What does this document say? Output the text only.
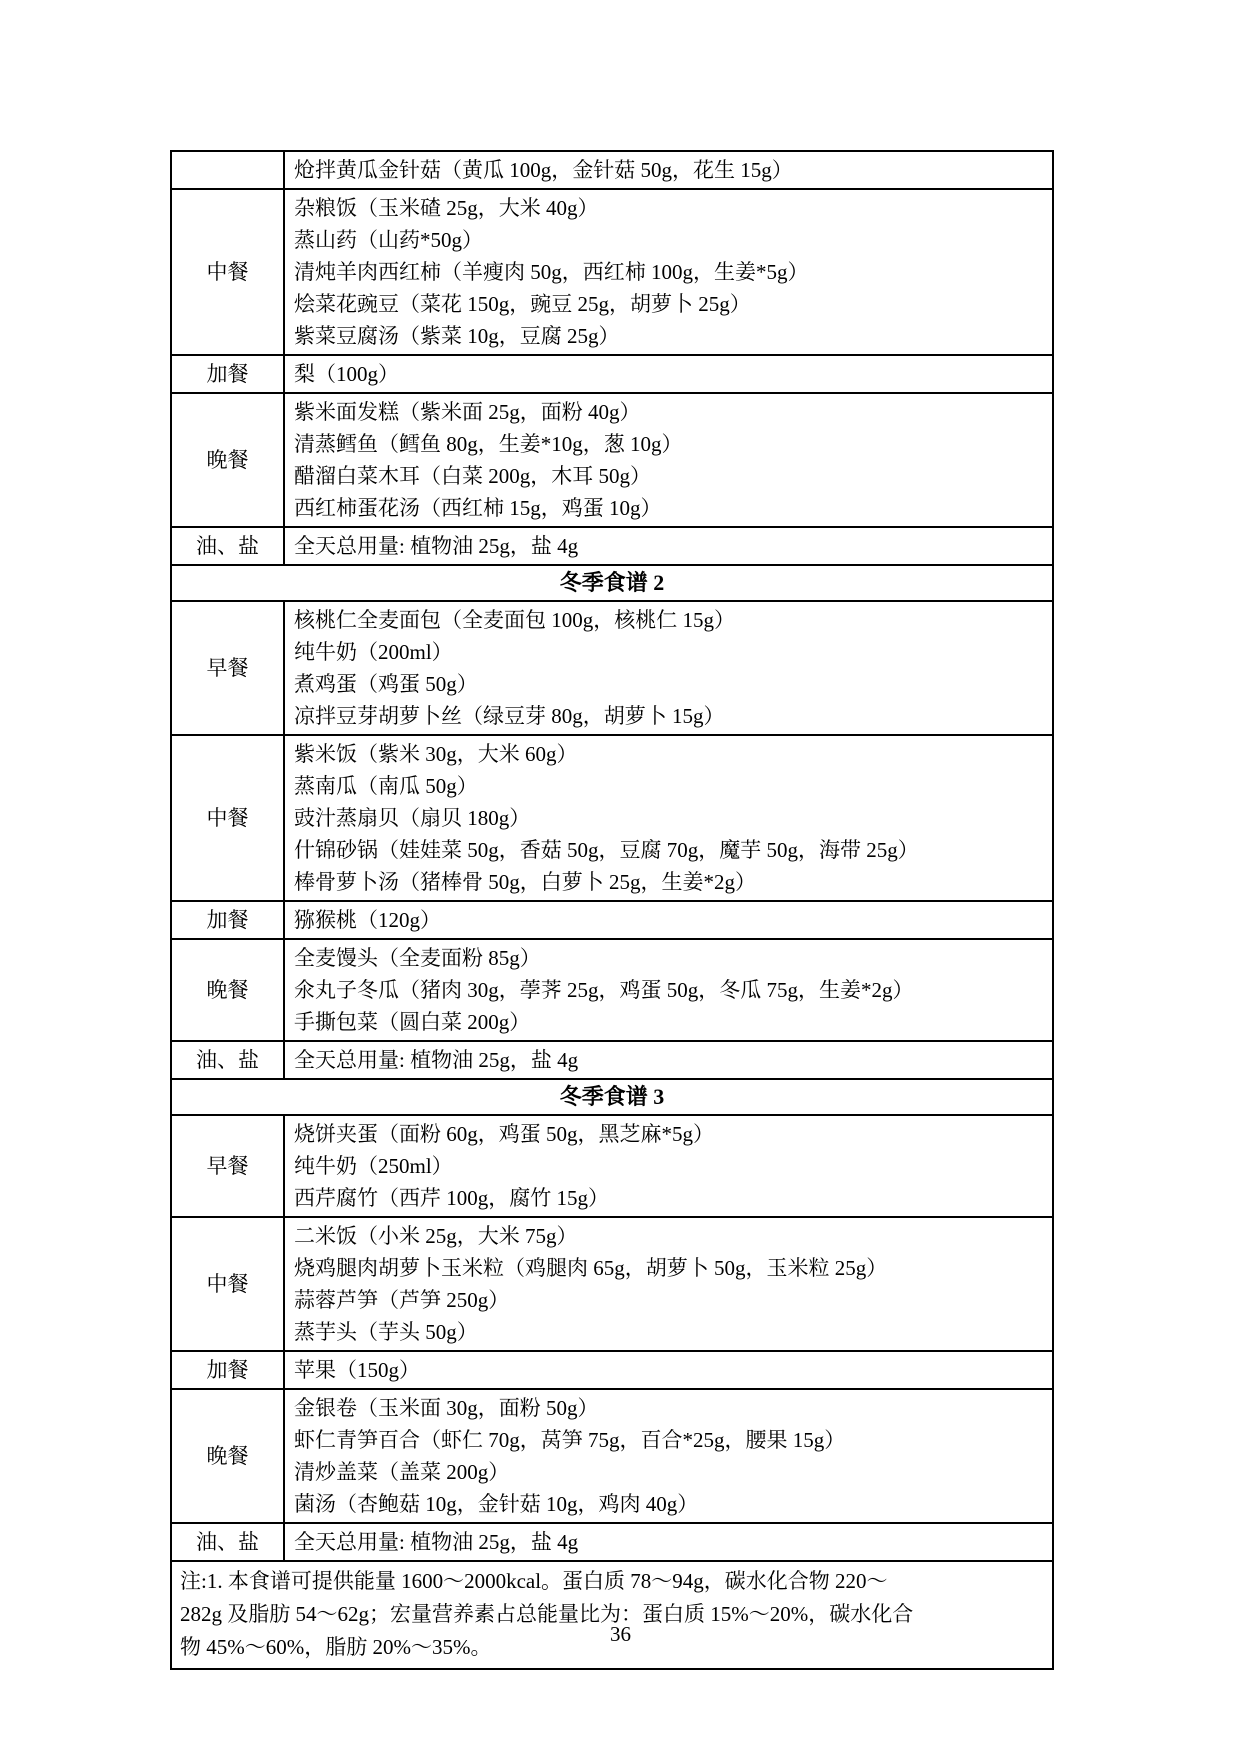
	炝拌黄瓜金针菇（黄瓜 100g，金针菇 50g，花生 15g）

中餐	杂粮饭（玉米碴 25g，大米 40g）
蒸山药（山药*50g）
清炖羊肉西红柿（羊瘦肉 50g，西红柿 100g，生姜*5g）
烩菜花豌豆（菜花 150g，豌豆 25g，胡萝卜 25g）
紫菜豆腐汤（紫菜 10g，豆腐 25g）

加餐	梨（100g）

晚餐	紫米面发糕（紫米面 25g，面粉 40g）
清蒸鳕鱼（鳕鱼 80g，生姜*10g，葱 10g）
醋溜白菜木耳（白菜 200g，木耳 50g）
西红柿蛋花汤（西红柿 15g，鸡蛋 10g）

油、盐	全天总用量: 植物油 25g，盐 4g

冬季食谱 2	
早餐	核桃仁全麦面包（全麦面包 100g，核桃仁 15g）
纯牛奶（200ml）
煮鸡蛋（鸡蛋 50g）
凉拌豆芽胡萝卜丝（绿豆芽 80g，胡萝卜 15g）

中餐	紫米饭（紫米 30g，大米 60g）
蒸南瓜（南瓜 50g）
豉汁蒸扇贝（扇贝 180g）
什锦砂锅（娃娃菜 50g，香菇 50g，豆腐 70g，魔芋 50g，海带 25g）
棒骨萝卜汤（猪棒骨 50g，白萝卜 25g，生姜*2g）

加餐	猕猴桃（120g）

晚餐	全麦馒头（全麦面粉 85g）
氽丸子冬瓜（猪肉 30g，荸荠 25g，鸡蛋 50g，冬瓜 75g，生姜*2g）
手撕包菜（圆白菜 200g）

油、盐	全天总用量: 植物油 25g，盐 4g

冬季食谱 3	
早餐	烧饼夹蛋（面粉 60g，鸡蛋 50g，黑芝麻*5g）
纯牛奶（250ml）
西芹腐竹（西芹 100g，腐竹 15g）

中餐	二米饭（小米 25g，大米 75g）
烧鸡腿肉胡萝卜玉米粒（鸡腿肉 65g，胡萝卜 50g，玉米粒 25g）
蒜蓉芦笋（芦笋 250g）
蒸芋头（芋头 50g）

加餐	苹果（150g）

晚餐	金银卷（玉米面 30g，面粉 50g）
虾仁青笋百合（虾仁 70g，莴笋 75g，百合*25g，腰果 15g）
清炒盖菜（盖菜 200g）
菌汤（杏鲍菇 10g，金针菇 10g，鸡肉 40g）

油、盐	全天总用量: 植物油 25g，盐 4g

注:1. 本食谱可提供能量 1600～2000kcal。蛋白质 78～94g，碳水化合物 220～
282g 及脂肪 54～62g；宏量营养素占总能量比为：蛋白质 15%～20%，碳水化合
物 45%～60%，脂肪 20%～35%。	
36
